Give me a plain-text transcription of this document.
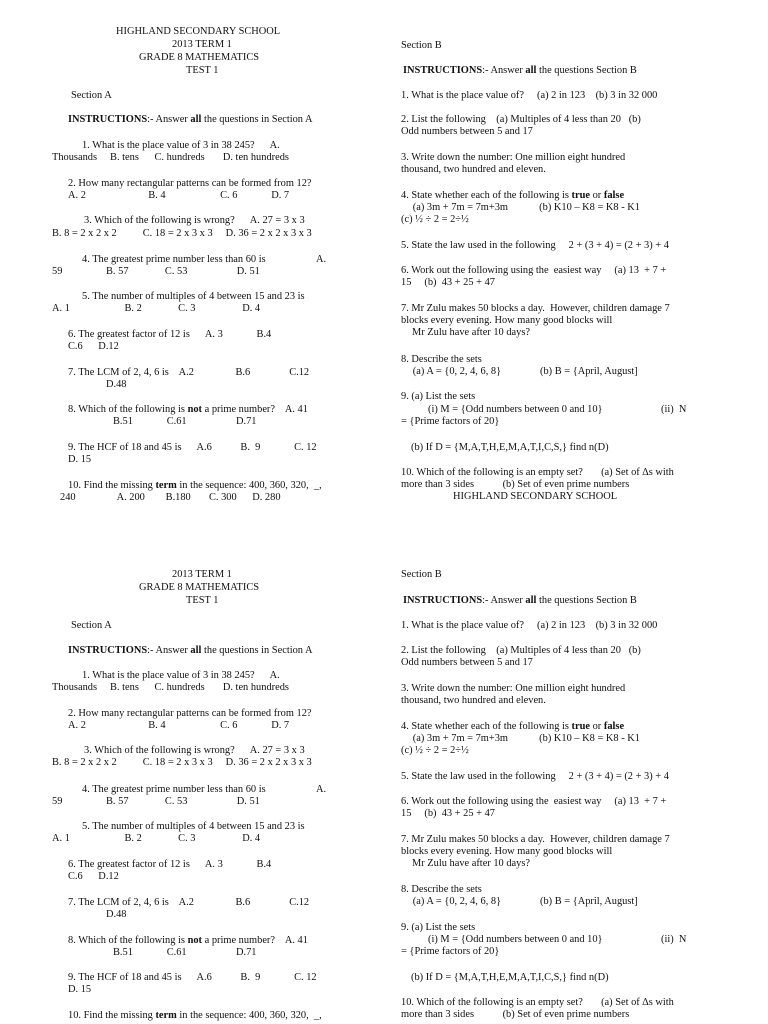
HIGHLAND SECONDARY SCHOOL
2013 TERM 1
GRADE 8 MATHEMATICS
TEST 1
Section A
INSTRUCTIONS:- Answer all the questions in Section A
1. What is the place value of 3 in 38 245?      A.
Thousands     B. tens      C. hundreds       D. ten hundreds
2. How many rectangular patterns can be formed from 12?
A. 2                        B. 4                     C. 6             D. 7
3. Which of the following is wrong?      A. 27 = 3 x 3
B. 8 = 2 x 2 x 2          C. 18 = 2 x 3 x 3     D. 36 = 2 x 2 x 3 x 3
4. The greatest prime number less than 60 is	A.
59	B. 57              C. 53                   D. 51
5. The number of multiples of 4 between 15 and 23 is
A. 1                     B. 2              C. 3                  D. 4
6. The greatest factor of 12 is      A. 3             B.4
C.6      D.12
7. The LCM of 2, 4, 6 is    A.2                B.6               C.12
D.48
8. Which of the following is not a prime number?    A. 41
B.51             C.61                   D.71
9. The HCF of 18 and 45 is      A.6           B.  9             C. 12
D. 15
10. Find the missing term in the sequence: 400, 360, 320,  _,
240                A. 200        B.180       C. 300      D. 280
Section B
INSTRUCTIONS:- Answer all the questions Section B
1. What is the place value of?     (a) 2 in 123    (b) 3 in 32 000
2. List the following    (a) Multiples of 4 less than 20   (b)
Odd numbers between 5 and 17
3. Write down the number: One million eight hundred
thousand, two hundred and eleven.
4. State whether each of the following is true or false
(a) 3m + 7m = 7m+3m            (b) K10 – K8 = K8 - K1
(c) ½ ÷ 2 = 2÷½
5. State the law used in the following     2 + (3 + 4) = (2 + 3) + 4
6. Work out the following using the  easiest way     (a) 13  + 7 +
15     (b)  43 + 25 + 47
7. Mr Zulu makes 50 blocks a day.  However, children damage 7
blocks every evening. How many good blocks will
Mr Zulu have after 10 days?
8. Describe the sets
(a) A = {0, 2, 4, 6, 8}               (b) B = {April, August]
9. (a) List the sets
(i) M = {Odd numbers between 0 and 10}	(ii)  N
= {Prime factors of 20}
(b) If D = {M,A,T,H,E,M,A,T,I,C,S,} find n(D)
10. Which of the following is an empty set?       (a) Set of ∆s with
more than 3 sides           (b) Set of even prime numbers
HIGHLAND SECONDARY SCHOOL
2013 TERM 1
GRADE 8 MATHEMATICS
TEST 1
Section A
INSTRUCTIONS:- Answer all the questions in Section A
1. What is the place value of 3 in 38 245?      A.
Thousands     B. tens      C. hundreds       D. ten hundreds
2. How many rectangular patterns can be formed from 12?
A. 2                        B. 4                     C. 6             D. 7
3. Which of the following is wrong?      A. 27 = 3 x 3
B. 8 = 2 x 2 x 2          C. 18 = 2 x 3 x 3     D. 36 = 2 x 2 x 3 x 3
4. The greatest prime number less than 60 is	A.
59	B. 57              C. 53                   D. 51
5. The number of multiples of 4 between 15 and 23 is
A. 1                     B. 2              C. 3                  D. 4
6. The greatest factor of 12 is      A. 3             B.4
C.6      D.12
7. The LCM of 2, 4, 6 is    A.2                B.6               C.12
D.48
8. Which of the following is not a prime number?    A. 41
B.51             C.61                   D.71
9. The HCF of 18 and 45 is      A.6           B.  9             C. 12
D. 15
10. Find the missing term in the sequence: 400, 360, 320,  _,
Section B
INSTRUCTIONS:- Answer all the questions Section B
1. What is the place value of?     (a) 2 in 123    (b) 3 in 32 000
2. List the following    (a) Multiples of 4 less than 20   (b)
Odd numbers between 5 and 17
3. Write down the number: One million eight hundred
thousand, two hundred and eleven.
4. State whether each of the following is true or false
(a) 3m + 7m = 7m+3m            (b) K10 – K8 = K8 - K1
(c) ½ ÷ 2 = 2÷½
5. State the law used in the following     2 + (3 + 4) = (2 + 3) + 4
6. Work out the following using the  easiest way     (a) 13  + 7 +
15     (b)  43 + 25 + 47
7. Mr Zulu makes 50 blocks a day.  However, children damage 7
blocks every evening. How many good blocks will
Mr Zulu have after 10 days?
8. Describe the sets
(a) A = {0, 2, 4, 6, 8}               (b) B = {April, August]
9. (a) List the sets
(i) M = {Odd numbers between 0 and 10}	(ii)  N
= {Prime factors of 20}
(b) If D = {M,A,T,H,E,M,A,T,I,C,S,} find n(D)
10. Which of the following is an empty set?       (a) Set of ∆s with
more than 3 sides           (b) Set of even prime numbers
